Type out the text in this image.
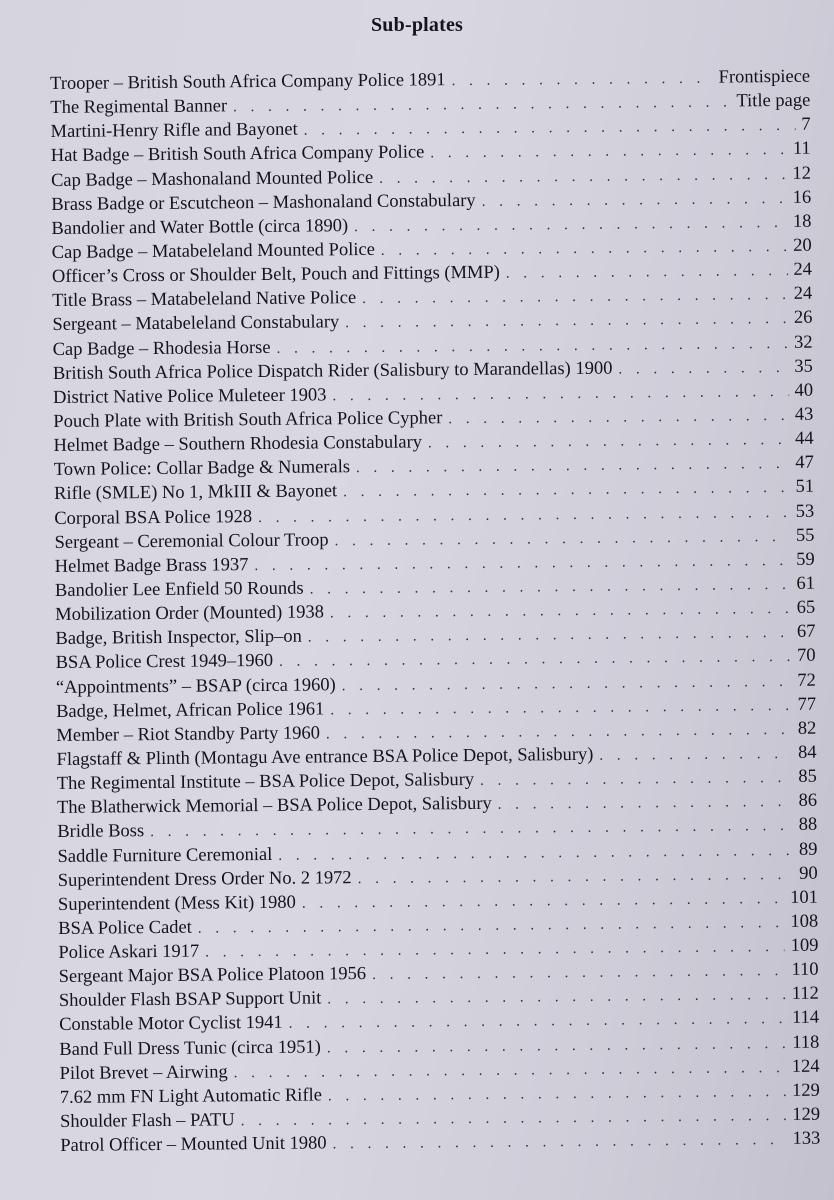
Sub-plates
Trooper – British South Africa Company Police 1891 . . .	Frontispiece
The Regimental Banner . . .	Title page
Martini-Henry Rifle and Bayonet . . .	7
Hat Badge – British South Africa Company Police . . .	11
Cap Badge – Mashonaland Mounted Police . . .	12
Brass Badge or Escutcheon – Mashonaland Constabulary . . .	16
Bandolier and Water Bottle (circa 1890) . . .	18
Cap Badge – Matabeleland Mounted Police . . .	20
Officer’s Cross or Shoulder Belt, Pouch and Fittings (MMP) . . .	24
Title Brass – Matabeleland Native Police . . .	24
Sergeant – Matabeleland Constabulary . . .	26
Cap Badge – Rhodesia Horse . . .	32
British South Africa Police Dispatch Rider (Salisbury to Marandellas) 1900 . . .	35
District Native Police Muleteer 1903 . . .	40
Pouch Plate with British South Africa Police Cypher . . .	43
Helmet Badge – Southern Rhodesia Constabulary . . .	44
Town Police: Collar Badge & Numerals . . .	47
Rifle (SMLE) No 1, MkIII & Bayonet . . .	51
Corporal BSA Police 1928 . . .	53
Sergeant – Ceremonial Colour Troop . . .	55
Helmet Badge Brass 1937 . . .	59
Bandolier Lee Enfield 50 Rounds . . .	61
Mobilization Order (Mounted) 1938 . . .	65
Badge, British Inspector, Slip–on . . .	67
BSA Police Crest 1949–1960 . . .	70
“Appointments” – BSAP (circa 1960) . . .	72
Badge, Helmet, African Police 1961 . . .	77
Member – Riot Standby Party 1960 . . .	82
Flagstaff & Plinth (Montagu Ave entrance BSA Police Depot, Salisbury) . . .	84
The Regimental Institute – BSA Police Depot, Salisbury . . .	85
The Blatherwick Memorial – BSA Police Depot, Salisbury . . .	86
Bridle Boss . . .	88
Saddle Furniture Ceremonial . . .	89
Superintendent Dress Order No. 2 1972 . . .	90
Superintendent (Mess Kit) 1980 . . .	101
BSA Police Cadet . . .	108
Police Askari 1917 . . .	109
Sergeant Major BSA Police Platoon 1956 . . .	110
Shoulder Flash BSAP Support Unit . . .	112
Constable Motor Cyclist 1941 . . .	114
Band Full Dress Tunic (circa 1951) . . .	118
Pilot Brevet – Airwing . . .	124
7.62 mm FN Light Automatic Rifle . . .	129
Shoulder Flash – PATU . . .	129
Patrol Officer – Mounted Unit 1980 . . .	133
